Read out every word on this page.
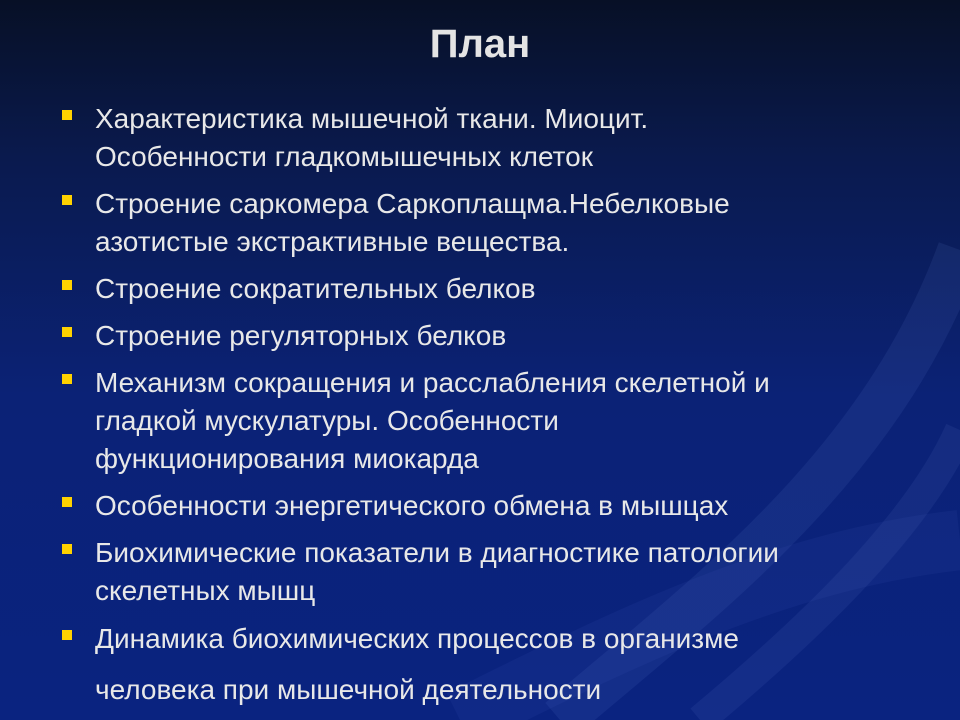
План
Характеристика мышечной ткани. Миоцит.
Особенности гладкомышечных клеток
Строение саркомера Саркоплащма.Небелковые
азотистые экстрактивные вещества.
Строение сократительных белков
Строение регуляторных белков
Механизм сокращения и расслабления скелетной и
гладкой мускулатуры. Особенности
функционирования миокарда
Особенности энергетического обмена в мышцах
Биохимические показатели в диагностике патологии
скелетных мышц
Динамика биохимических процессов в организме
человека при мышечной деятельности
